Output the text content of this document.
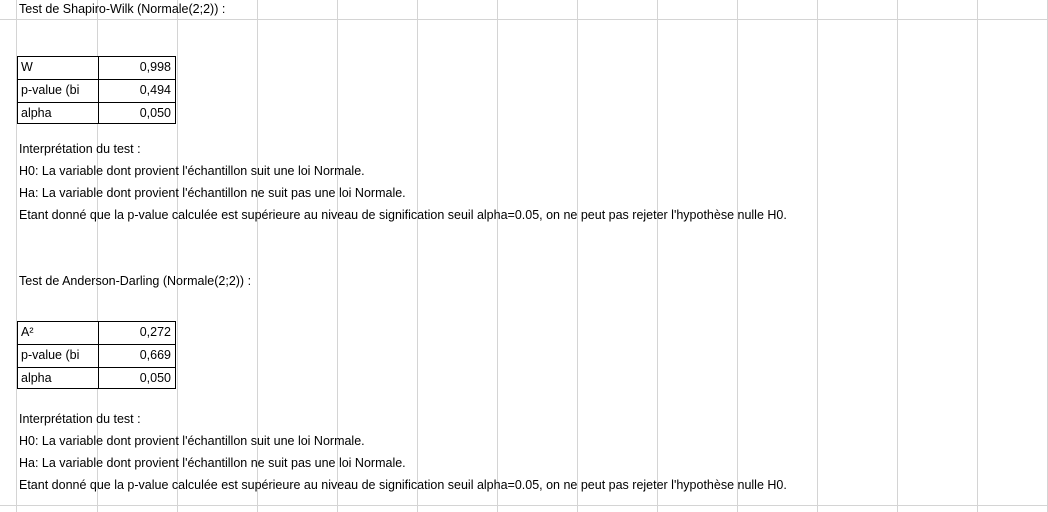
Test de Shapiro-Wilk (Normale(2;2)) :
W	0,998
p-value (bi	0,494
alpha	0,050
Interprétation du test :
H0: La variable dont provient l'échantillon suit une loi Normale.
Ha: La variable dont provient l'échantillon ne suit pas une loi Normale.
Etant donné que la p-value calculée est supérieure au niveau de signification seuil alpha=0.05, on ne peut pas rejeter l'hypothèse nulle H0.
Test de Anderson-Darling (Normale(2;2)) :
A²	0,272
p-value (bi	0,669
alpha	0,050
Interprétation du test :
H0: La variable dont provient l'échantillon suit une loi Normale.
Ha: La variable dont provient l'échantillon ne suit pas une loi Normale.
Etant donné que la p-value calculée est supérieure au niveau de signification seuil alpha=0.05, on ne peut pas rejeter l'hypothèse nulle H0.
